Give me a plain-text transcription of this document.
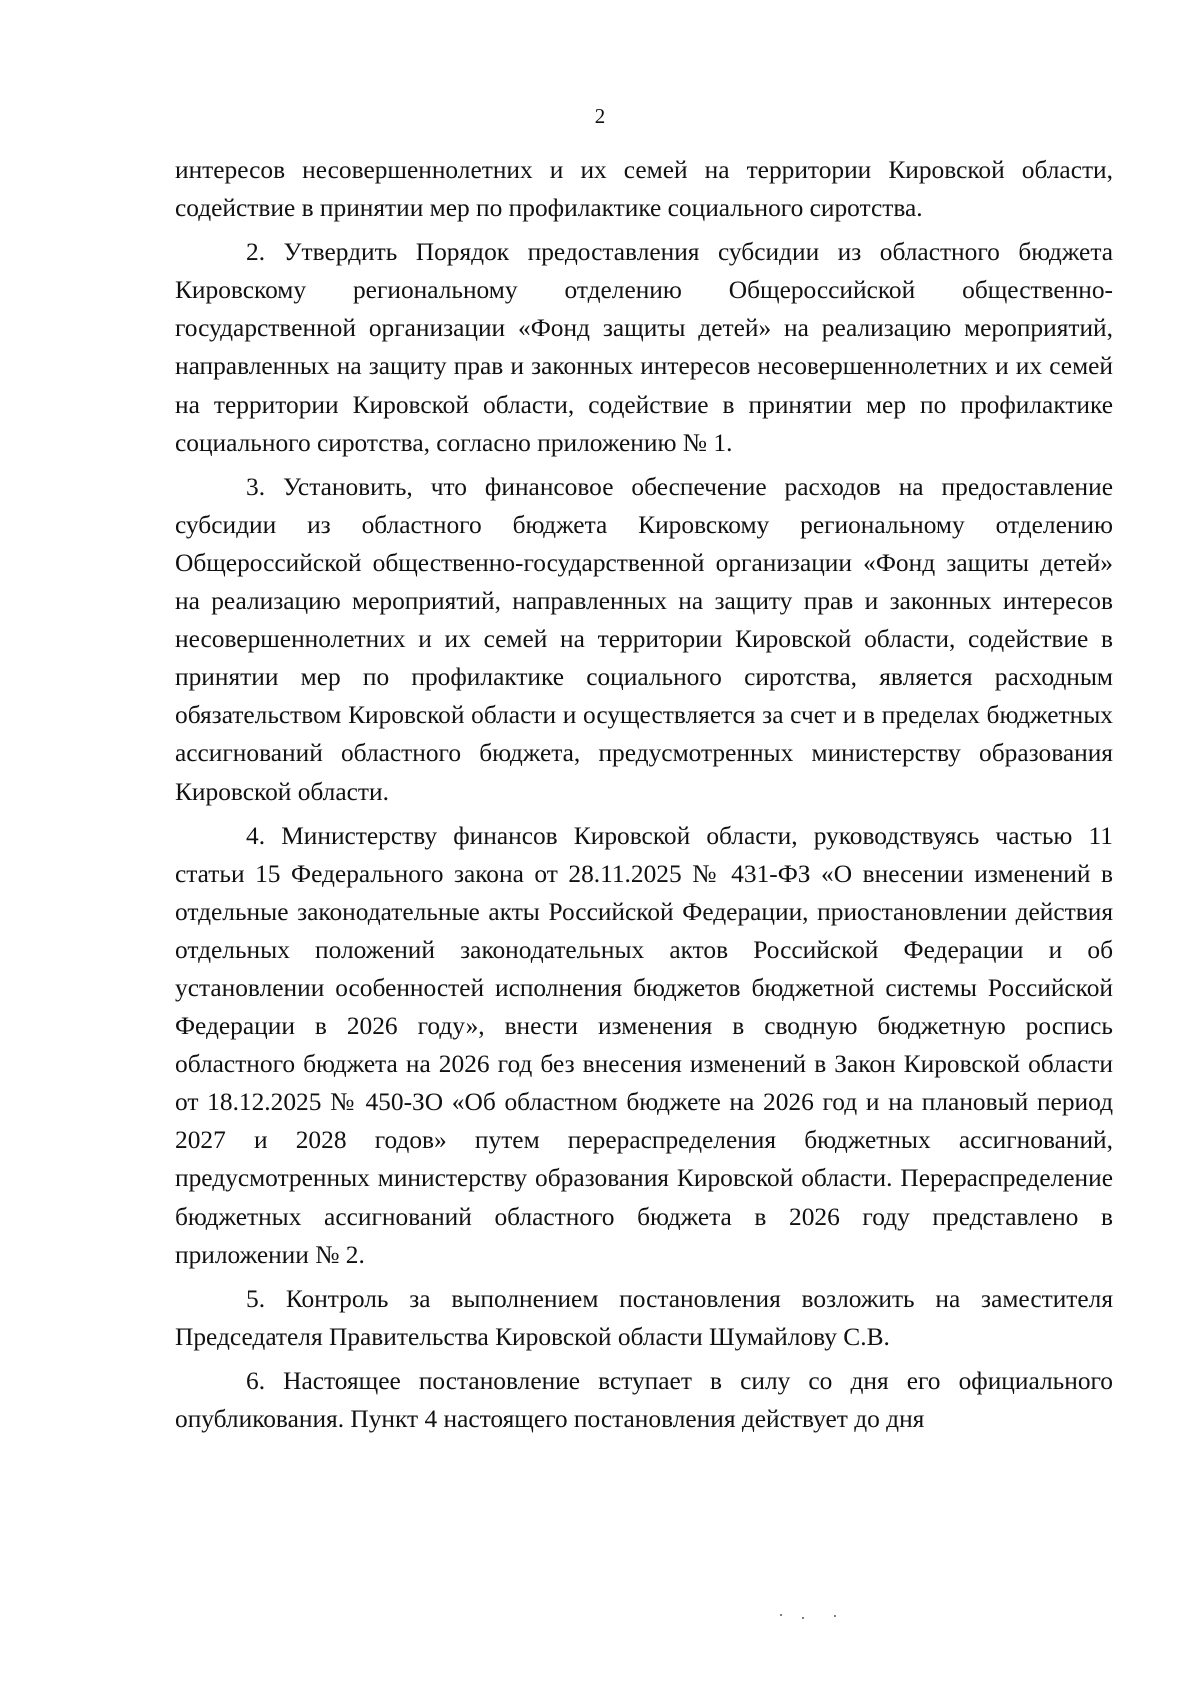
2

интересов несовершеннолетних и их семей на территории Кировской области, содействие в принятии мер по профилактике социального сиротства.

2. Утвердить Порядок предоставления субсидии из областного бюджета Кировскому региональному отделению Общероссийской общественно-государственной организации «Фонд защиты детей» на реализацию мероприятий, направленных на защиту прав и законных интересов несовершеннолетних и их семей на территории Кировской области, содействие в принятии мер по профилактике социального сиротства, согласно приложению № 1.

3. Установить, что финансовое обеспечение расходов на предоставление субсидии из областного бюджета Кировскому региональному отделению Общероссийской общественно-государственной организации «Фонд защиты детей» на реализацию мероприятий, направленных на защиту прав и законных интересов несовершеннолетних и их семей на территории Кировской области, содействие в принятии мер по профилактике социального сиротства, является расходным обязательством Кировской области и осуществляется за счет и в пределах бюджетных ассигнований областного бюджета, предусмотренных министерству образования Кировской области.

4. Министерству финансов Кировской области, руководствуясь частью 11 статьи 15 Федерального закона от 28.11.2025 № 431-ФЗ «О внесении изменений в отдельные законодательные акты Российской Федерации, приостановлении действия отдельных положений законодательных актов Российской Федерации и об установлении особенностей исполнения бюджетов бюджетной системы Российской Федерации в 2026 году», внести изменения в сводную бюджетную роспись областного бюджета на 2026 год без внесения изменений в Закон Кировской области от 18.12.2025 № 450-ЗО «Об областном бюджете на 2026 год и на плановый период 2027 и 2028 годов» путем перераспределения бюджетных ассигнований, предусмотренных министерству образования Кировской области. Перераспределение бюджетных ассигнований областного бюджета в 2026 году представлено в приложении № 2.

5. Контроль за выполнением постановления возложить на заместителя Председателя Правительства Кировской области Шумайлову С.В.

6. Настоящее постановление вступает в силу со дня его официального опубликования. Пункт 4 настоящего постановления действует до дня
